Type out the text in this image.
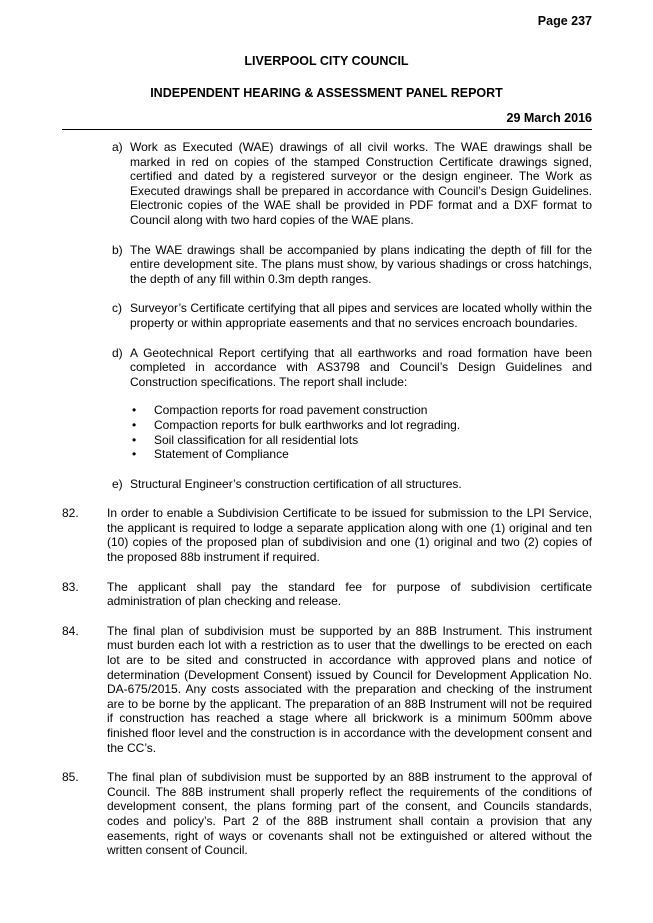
Page 237
LIVERPOOL CITY COUNCIL
INDEPENDENT HEARING & ASSESSMENT PANEL REPORT
29 March 2016
a) Work as Executed (WAE) drawings of all civil works. The WAE drawings shall be marked in red on copies of the stamped Construction Certificate drawings signed, certified and dated by a registered surveyor or the design engineer. The Work as Executed drawings shall be prepared in accordance with Council’s Design Guidelines. Electronic copies of the WAE shall be provided in PDF format and a DXF format to Council along with two hard copies of the WAE plans.
b) The WAE drawings shall be accompanied by plans indicating the depth of fill for the entire development site. The plans must show, by various shadings or cross hatchings, the depth of any fill within 0.3m depth ranges.
c) Surveyor’s Certificate certifying that all pipes and services are located wholly within the property or within appropriate easements and that no services encroach boundaries.
d) A Geotechnical Report certifying that all earthworks and road formation have been completed in accordance with AS3798 and Council’s Design Guidelines and Construction specifications. The report shall include:
• Compaction reports for road pavement construction
• Compaction reports for bulk earthworks and lot regrading.
• Soil classification for all residential lots
• Statement of Compliance
e) Structural Engineer’s construction certification of all structures.
82. In order to enable a Subdivision Certificate to be issued for submission to the LPI Service, the applicant is required to lodge a separate application along with one (1) original and ten (10) copies of the proposed plan of subdivision and one (1) original and two (2) copies of the proposed 88b instrument if required.
83. The applicant shall pay the standard fee for purpose of subdivision certificate administration of plan checking and release.
84. The final plan of subdivision must be supported by an 88B Instrument. This instrument must burden each lot with a restriction as to user that the dwellings to be erected on each lot are to be sited and constructed in accordance with approved plans and notice of determination (Development Consent) issued by Council for Development Application No. DA-675/2015. Any costs associated with the preparation and checking of the instrument are to be borne by the applicant. The preparation of an 88B Instrument will not be required if construction has reached a stage where all brickwork is a minimum 500mm above finished floor level and the construction is in accordance with the development consent and the CC’s.
85. The final plan of subdivision must be supported by an 88B instrument to the approval of Council. The 88B instrument shall properly reflect the requirements of the conditions of development consent, the plans forming part of the consent, and Councils standards, codes and policy’s. Part 2 of the 88B instrument shall contain a provision that any easements, right of ways or covenants shall not be extinguished or altered without the written consent of Council.
